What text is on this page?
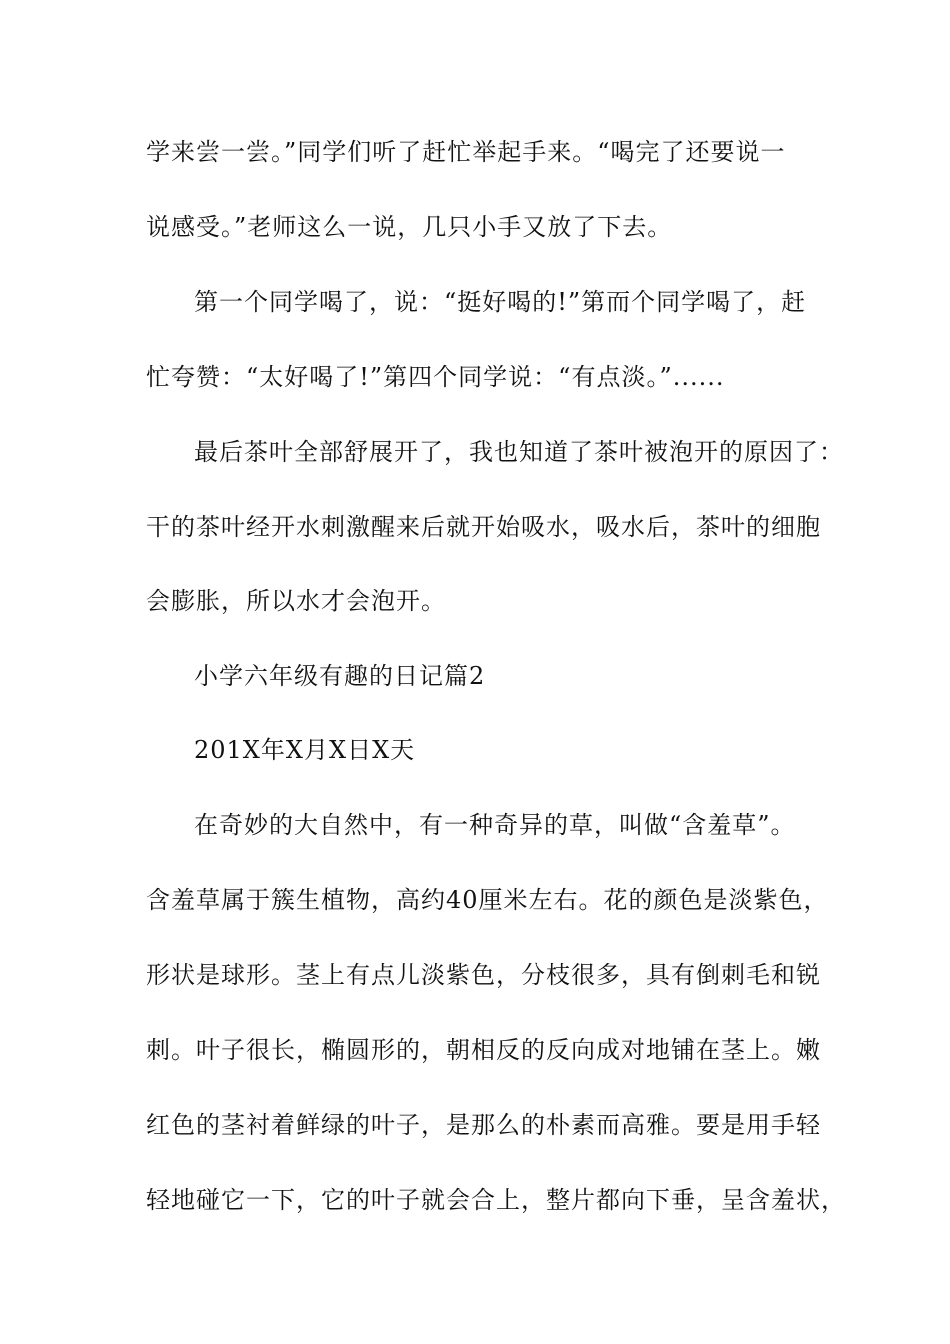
学来尝一尝。”同学们听了赶忙举起手来。“喝完了还要说一
说感受。”老师这么一说，几只小手又放了下去。
第一个同学喝了，说：“挺好喝的!”第而个同学喝了，赶
忙夸赞：“太好喝了!”第四个同学说：“有点淡。”......
最后茶叶全部舒展开了，我也知道了茶叶被泡开的原因了：
干的茶叶经开水刺激醒来后就开始吸水，吸水后，茶叶的细胞
会膨胀，所以水才会泡开。
小学六年级有趣的日记篇2
201X年X月X日X天
在奇妙的大自然中，有一种奇异的草，叫做“含羞草”。
含羞草属于簇生植物，高约40厘米左右。花的颜色是淡紫色，
形状是球形。茎上有点儿淡紫色，分枝很多，具有倒刺毛和锐
刺。叶子很长，椭圆形的，朝相反的反向成对地铺在茎上。嫩
红色的茎衬着鲜绿的叶子，是那么的朴素而高雅。要是用手轻
轻地碰它一下，它的叶子就会合上，整片都向下垂，呈含羞状，
